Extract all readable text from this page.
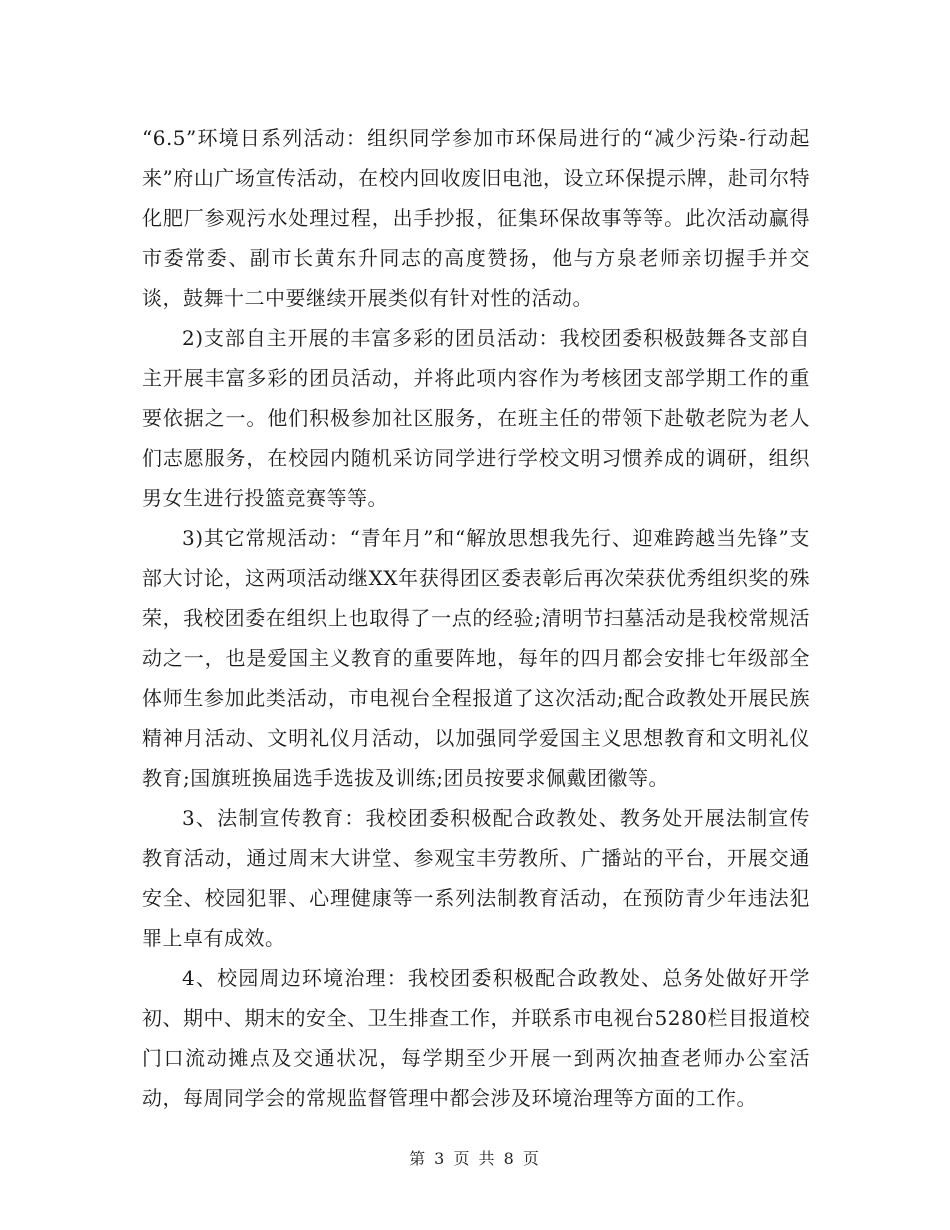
“6.5”环境日系列活动：组织同学参加市环保局进行的“减少污染-行动起来”府山广场宣传活动，在校内回收废旧电池，设立环保提示牌，赴司尔特化肥厂参观污水处理过程，出手抄报，征集环保故事等等。此次活动赢得市委常委、副市长黄东升同志的高度赞扬，他与方泉老师亲切握手并交谈，鼓舞十二中要继续开展类似有针对性的活动。

2)支部自主开展的丰富多彩的团员活动：我校团委积极鼓舞各支部自主开展丰富多彩的团员活动，并将此项内容作为考核团支部学期工作的重要依据之一。他们积极参加社区服务，在班主任的带领下赴敬老院为老人们志愿服务，在校园内随机采访同学进行学校文明习惯养成的调研，组织男女生进行投篮竞赛等等。

3)其它常规活动：“青年月”和“解放思想我先行、迎难跨越当先锋”支部大讨论，这两项活动继XX年获得团区委表彰后再次荣获优秀组织奖的殊荣，我校团委在组织上也取得了一点的经验;清明节扫墓活动是我校常规活动之一，也是爱国主义教育的重要阵地，每年的四月都会安排七年级部全体师生参加此类活动，市电视台全程报道了这次活动;配合政教处开展民族精神月活动、文明礼仪月活动，以加强同学爱国主义思想教育和文明礼仪教育;国旗班换届选手选拔及训练;团员按要求佩戴团徽等。

3、法制宣传教育：我校团委积极配合政教处、教务处开展法制宣传教育活动，通过周末大讲堂、参观宝丰劳教所、广播站的平台，开展交通安全、校园犯罪、心理健康等一系列法制教育活动，在预防青少年违法犯罪上卓有成效。

4、校园周边环境治理：我校团委积极配合政教处、总务处做好开学初、期中、期末的安全、卫生排查工作，并联系市电视台5280栏目报道校门口流动摊点及交通状况，每学期至少开展一到两次抽查老师办公室活动，每周同学会的常规监督管理中都会涉及环境治理等方面的工作。

第 3 页 共 8 页
